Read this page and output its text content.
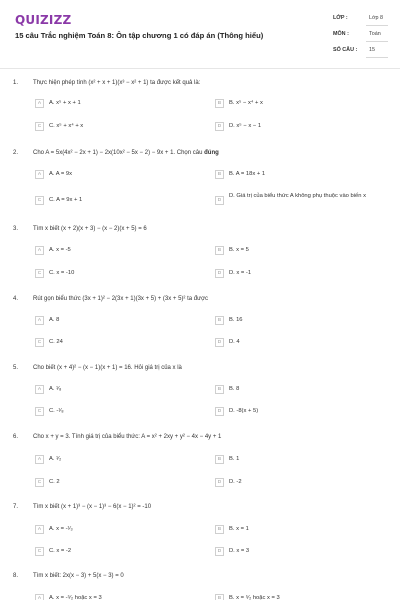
QUIZIZZ
15 câu Trắc nghiệm Toán 8: Ôn tập chương 1 có đáp án (Thông hiểu)
LỚP :	Lớp 8
MÔN :	Toán
SỐ CÂU : 15
1. Thực hiện phép tính (x² + x + 1)(x³ − x² + 1) ta được kết quả là:
A	A. x⁵ + x + 1	B	B. x⁵ − x⁴ + x
C	C. x⁵ + x⁴ + x	D	D. x⁵ − x − 1
2. Cho A = 5x(4x² − 2x + 1) − 2x(10x² − 5x − 2) − 9x + 1. Chọn câu đúng
A	A. A = 9x	B	B. A = 18x + 1
C	C. A = 9x + 1	D
D. Giá trị của biểu thức A không phụ thuộc vào biến x
3. Tìm x biết (x + 2)(x + 3) − (x − 2)(x + 5) = 6
A	A. x = -5	B	B. x = 5
C	C. x = -10	D	D. x = -1
4. Rút gọn biểu thức (3x + 1)² − 2(3x + 1)(3x + 5) + (3x + 5)² ta được
A	A. 8	B	B. 16
C	C. 24	D	D. 4
5. Cho biết (x + 4)² − (x − 1)(x + 1) = 16. Hỏi giá trị của x là
A	A. ¹⁄₈	B	B. 8
C	C. -¹⁄₈	D	D. -8(x + 5)
6. Cho x + y = 3. Tính giá trị của biểu thức: A = x² + 2xy + y² − 4x − 4y + 1
A	A. ¹⁄₂	B	B. 1
C	C. 2	D	D. -2
7. Tìm x biết (x + 1)³ − (x − 1)³ − 6(x − 1)² = -10
A	A. x = -¹⁄₃	B	B. x = 1
C	C. x = -2	D	D. x = 3
8. Tìm x biết: 2x(x − 3) + 5(x − 3) = 0
A	A. x = -⁵⁄₂ hoặc x = 3	B	B. x = ⁵⁄₂ hoặc x = 3
